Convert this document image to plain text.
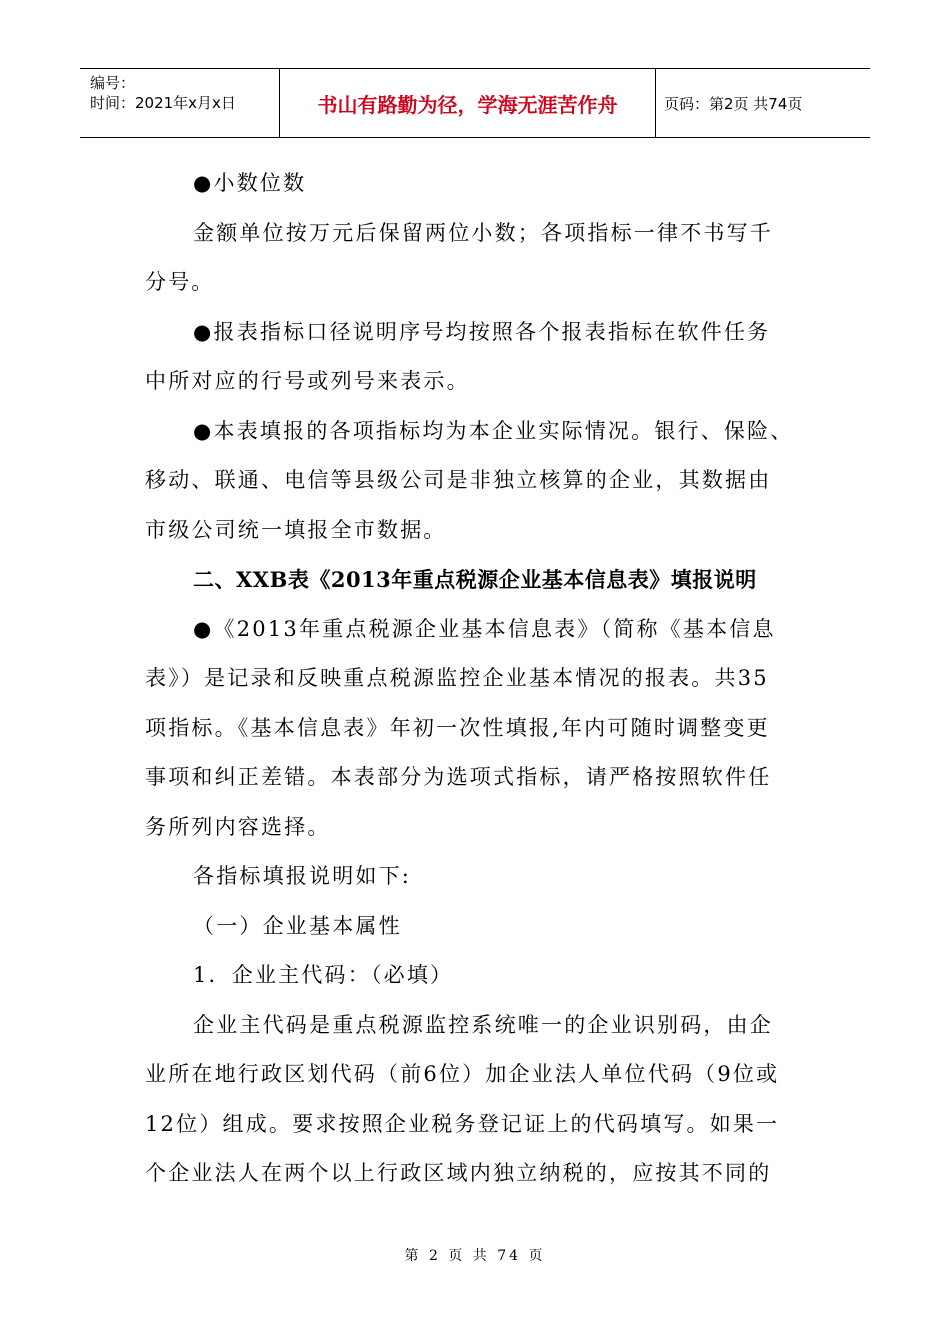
编号：
时间：2021年x月x日	书山有路勤为径，学海无涯苦作舟	页码：第2页 共74页
●小数位数
金额单位按万元后保留两位小数；各项指标一律不书写千
分号。
●报表指标口径说明序号均按照各个报表指标在软件任务
中所对应的行号或列号来表示。
●本表填报的各项指标均为本企业实际情况。银行、保险、
移动、联通、电信等县级公司是非独立核算的企业，其数据由
市级公司统一填报全市数据。
二、XXB表《2013年重点税源企业基本信息表》填报说明
●《2013年重点税源企业基本信息表》（简称《基本信息
表》）是记录和反映重点税源监控企业基本情况的报表。共35
项指标。《基本信息表》年初一次性填报,年内可随时调整变更
事项和纠正差错。本表部分为选项式指标，请严格按照软件任
务所列内容选择。
各指标填报说明如下:
（一）企业基本属性
1．企业主代码：（必填）
企业主代码是重点税源监控系统唯一的企业识别码，由企
业所在地行政区划代码（前6位）加企业法人单位代码（9位或
12位）组成。要求按照企业税务登记证上的代码填写。如果一
个企业法人在两个以上行政区域内独立纳税的，应按其不同的
第 2 页 共 74 页
